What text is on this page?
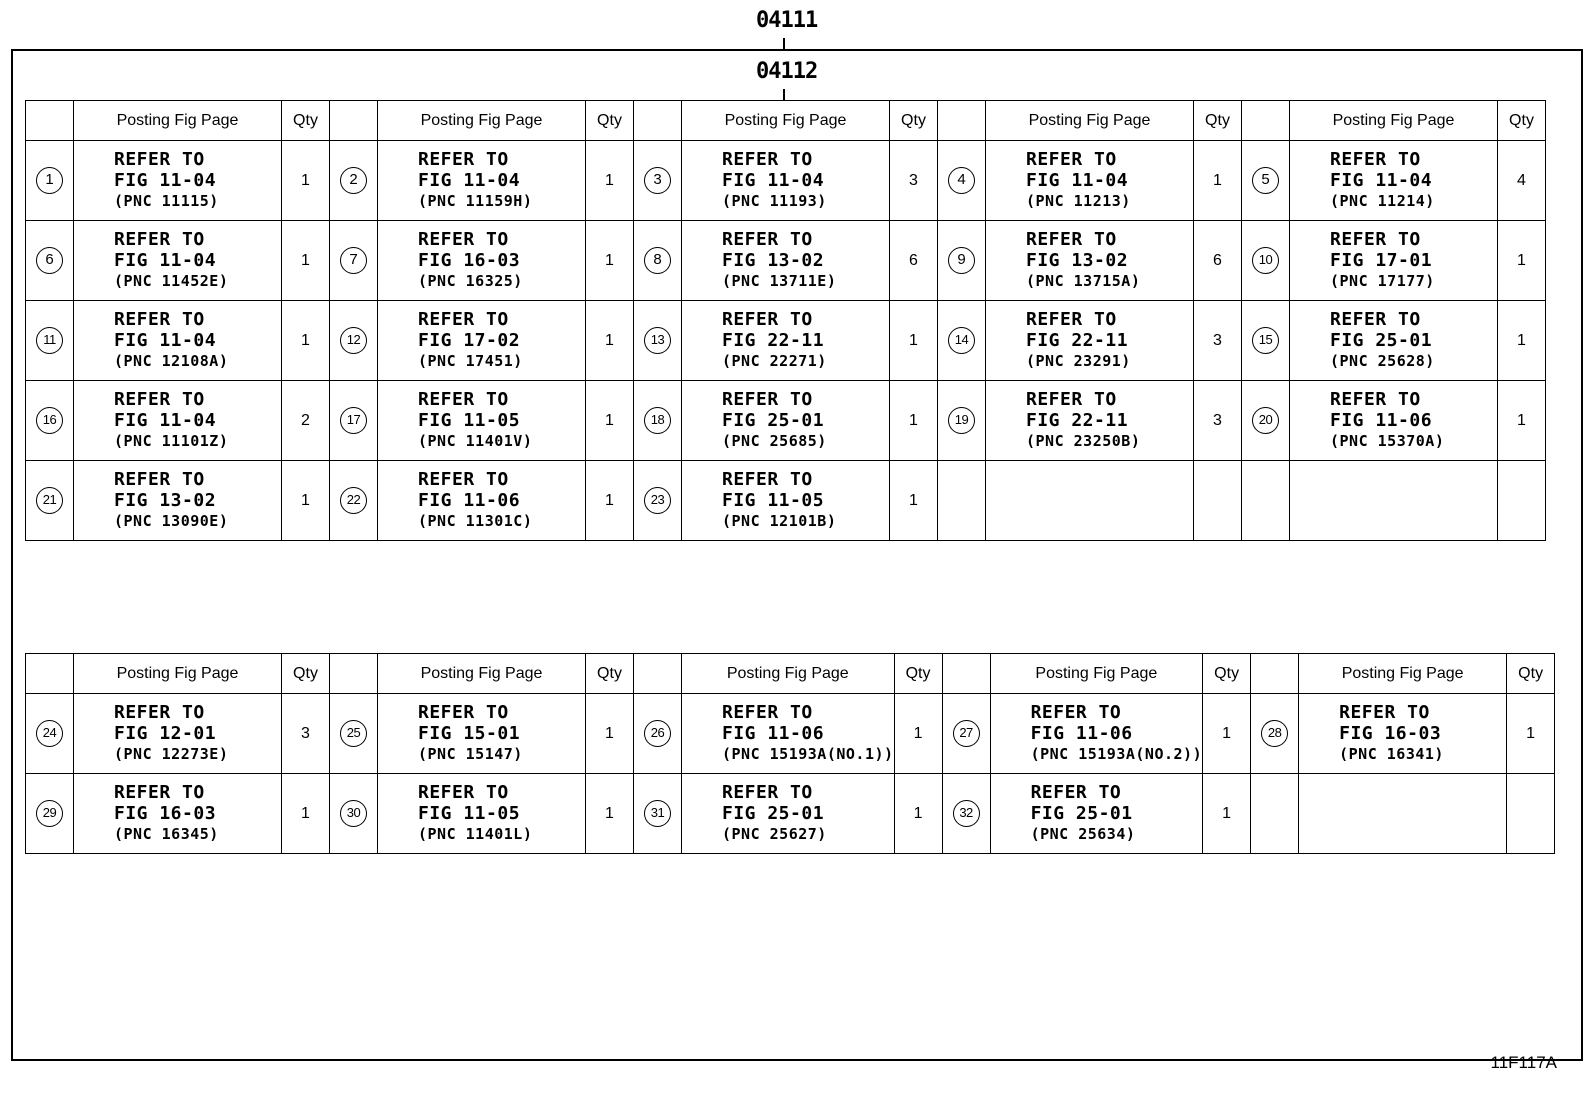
04111
04112
	Posting Fig Page	Qty		Posting Fig Page	Qty		Posting Fig Page	Qty		Posting Fig Page	Qty		Posting Fig Page	Qty
1	REFER TO
FIG 11-04
(PNC 11115)	1	2	REFER TO
FIG 11-04
(PNC 11159H)	1	3	REFER TO
FIG 11-04
(PNC 11193)	3	4	REFER TO
FIG 11-04
(PNC 11213)	1	5	REFER TO
FIG 11-04
(PNC 11214)	4
6	REFER TO
FIG 11-04
(PNC 11452E)	1	7	REFER TO
FIG 16-03
(PNC 16325)	1	8	REFER TO
FIG 13-02
(PNC 13711E)	6	9	REFER TO
FIG 13-02
(PNC 13715A)	6	10	REFER TO
FIG 17-01
(PNC 17177)	1
11	REFER TO
FIG 11-04
(PNC 12108A)	1	12	REFER TO
FIG 17-02
(PNC 17451)	1	13	REFER TO
FIG 22-11
(PNC 22271)	1	14	REFER TO
FIG 22-11
(PNC 23291)	3	15	REFER TO
FIG 25-01
(PNC 25628)	1
16	REFER TO
FIG 11-04
(PNC 11101Z)	2	17	REFER TO
FIG 11-05
(PNC 11401V)	1	18	REFER TO
FIG 25-01
(PNC 25685)	1	19	REFER TO
FIG 22-11
(PNC 23250B)	3	20	REFER TO
FIG 11-06
(PNC 15370A)	1
21	REFER TO
FIG 13-02
(PNC 13090E)	1	22	REFER TO
FIG 11-06
(PNC 11301C)	1	23	REFER TO
FIG 11-05
(PNC 12101B)	1						
	Posting Fig Page	Qty		Posting Fig Page	Qty		Posting Fig Page	Qty		Posting Fig Page	Qty		Posting Fig Page	Qty
24	REFER TO
FIG 12-01
(PNC 12273E)	3	25	REFER TO
FIG 15-01
(PNC 15147)	1	26	REFER TO
FIG 11-06
(PNC 15193A(NO.1))	1	27	REFER TO
FIG 11-06
(PNC 15193A(NO.2))	1	28	REFER TO
FIG 16-03
(PNC 16341)	1
29	REFER TO
FIG 16-03
(PNC 16345)	1	30	REFER TO
FIG 11-05
(PNC 11401L)	1	31	REFER TO
FIG 25-01
(PNC 25627)	1	32	REFER TO
FIG 25-01
(PNC 25634)	1			
11F117A
